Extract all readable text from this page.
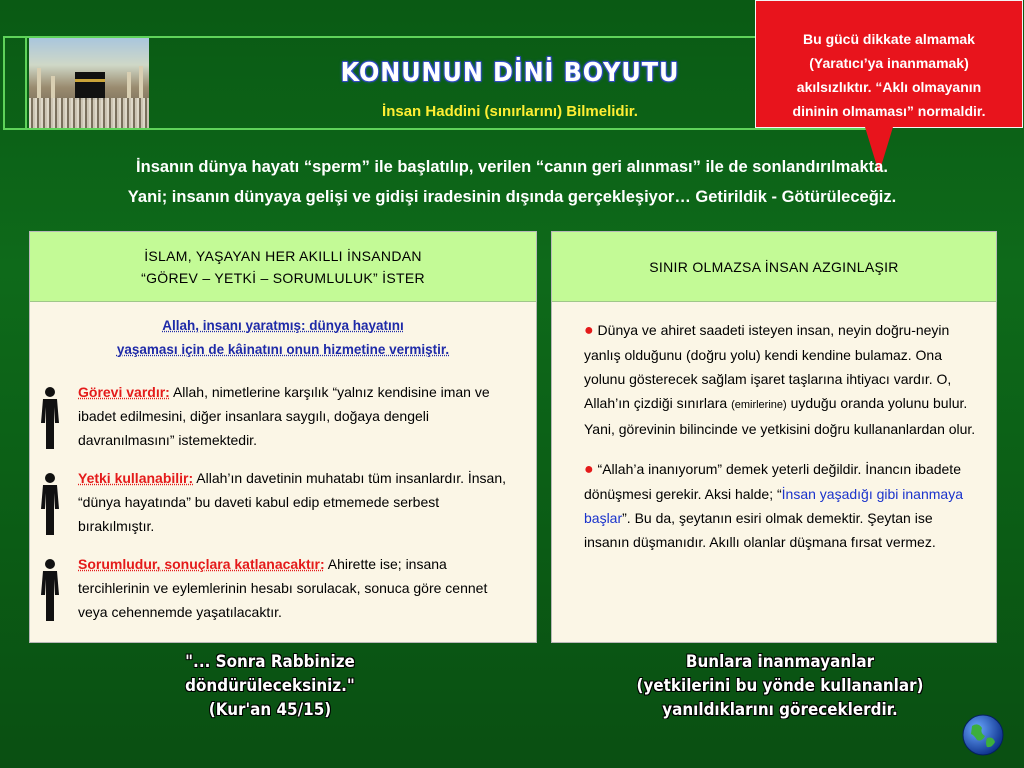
KONUNUN DİNİ BOYUTU
İnsan Haddini (sınırlarını) Bilmelidir.
Bu gücü dikkate almamak
(Yaratıcı’ya inanmamak)
akılsızlıktır. “Aklı olmayanın
dininin olmaması” normaldir.
İnsanın dünya hayatı “sperm” ile başlatılıp, verilen “canın geri alınması” ile de sonlandırılmakta.
Yani; insanın dünyaya gelişi ve gidişi iradesinin dışında gerçekleşiyor… Getirildik - Götürüleceğiz.
İSLAM, YAŞAYAN HER AKILLI İNSANDAN
“GÖREV – YETKİ – SORUMLULUK” İSTER
Allah, insanı yaratmış: dünya hayatını
yaşaması için de kâinatını onun hizmetine vermiştir.
Görevi vardır: Allah, nimetlerine karşılık “yalnız kendisine iman ve ibadet edilmesini, diğer insanlara saygılı, doğaya dengeli davranılmasını” istemektedir.
Yetki kullanabilir: Allah’ın davetinin muhatabı tüm insanlardır. İnsan, “dünya hayatında” bu daveti kabul edip etmemede serbest bırakılmıştır.
Sorumludur, sonuçlara katlanacaktır: Ahirette ise; insana tercihlerinin ve eylemlerinin hesabı sorulacak, sonuca göre cennet veya cehennemde yaşatılacaktır.
SINIR OLMAZSA İNSAN AZGINLAŞIR
● Dünya ve ahiret saadeti isteyen insan, neyin doğru-neyin yanlış olduğunu (doğru yolu) kendi kendine bulamaz. Ona yolunu gösterecek sağlam işaret taşlarına ihtiyacı vardır. O, Allah’ın çizdiği sınırlara (emirlerine) uyduğu oranda yolunu bulur. Yani, görevinin bilincinde ve yetkisini doğru kullananlardan olur.
● “Allah’a inanıyorum” demek yeterli değildir. İnancın ibadete dönüşmesi gerekir. Aksi halde; “İnsan yaşadığı gibi inanmaya başlar”. Bu da, şeytanın esiri olmak demektir. Şeytan ise insanın düşmanıdır. Akıllı olanlar düşmana fırsat vermez.
"... Sonra Rabbinize
döndürüleceksiniz."
(Kur'an 45/15)
Bunlara inanmayanlar
(yetkilerini bu yönde kullananlar)
yanıldıklarını göreceklerdir.
